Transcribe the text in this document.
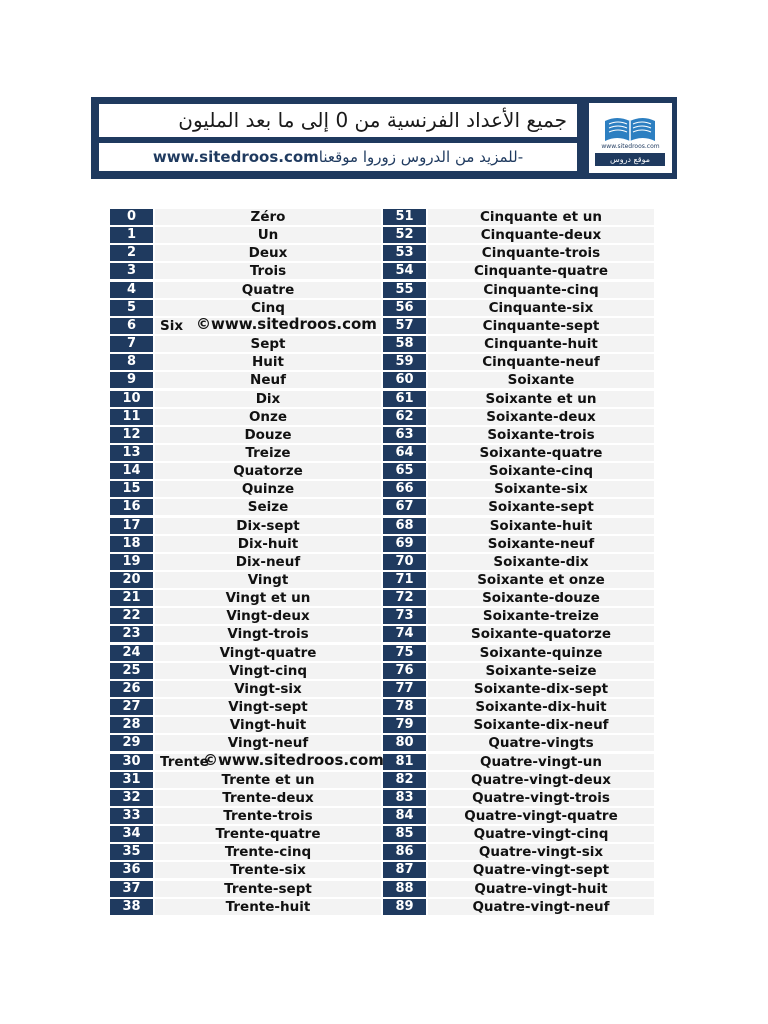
جميع الأعداد الفرنسية من 0 إلى ما بعد المليون
www.sitedroos.comللمزيد من الدروس زوروا موقعنا-
www.sitedroos.com
موقع دروس
0	Zéro	51	Cinquante et un
1	Un	52	Cinquante-deux
2	Deux	53	Cinquante-trois
3	Trois	54	Cinquante-quatre
4	Quatre	55	Cinquante-cinq
5	Cinq	56	Cinquante-six
6	Six	57	Cinquante-sept
©www.sitedroos.com
7	Sept	58	Cinquante-huit
8	Huit	59	Cinquante-neuf
9	Neuf	60	Soixante
10	Dix	61	Soixante et un
11	Onze	62	Soixante-deux
12	Douze	63	Soixante-trois
13	Treize	64	Soixante-quatre
14	Quatorze	65	Soixante-cinq
15	Quinze	66	Soixante-six
16	Seize	67	Soixante-sept
17	Dix-sept	68	Soixante-huit
18	Dix-huit	69	Soixante-neuf
19	Dix-neuf	70	Soixante-dix
20	Vingt	71	Soixante et onze
21	Vingt et un	72	Soixante-douze
22	Vingt-deux	73	Soixante-treize
23	Vingt-trois	74	Soixante-quatorze
24	Vingt-quatre	75	Soixante-quinze
25	Vingt-cinq	76	Soixante-seize
26	Vingt-six	77	Soixante-dix-sept
27	Vingt-sept	78	Soixante-dix-huit
28	Vingt-huit	79	Soixante-dix-neuf
29	Vingt-neuf	80	Quatre-vingts
30	Trente	81	Quatre-vingt-un
©www.sitedroos.com
31	Trente et un	82	Quatre-vingt-deux
32	Trente-deux	83	Quatre-vingt-trois
33	Trente-trois	84	Quatre-vingt-quatre
34	Trente-quatre	85	Quatre-vingt-cinq
35	Trente-cinq	86	Quatre-vingt-six
36	Trente-six	87	Quatre-vingt-sept
37	Trente-sept	88	Quatre-vingt-huit
38	Trente-huit	89	Quatre-vingt-neuf
